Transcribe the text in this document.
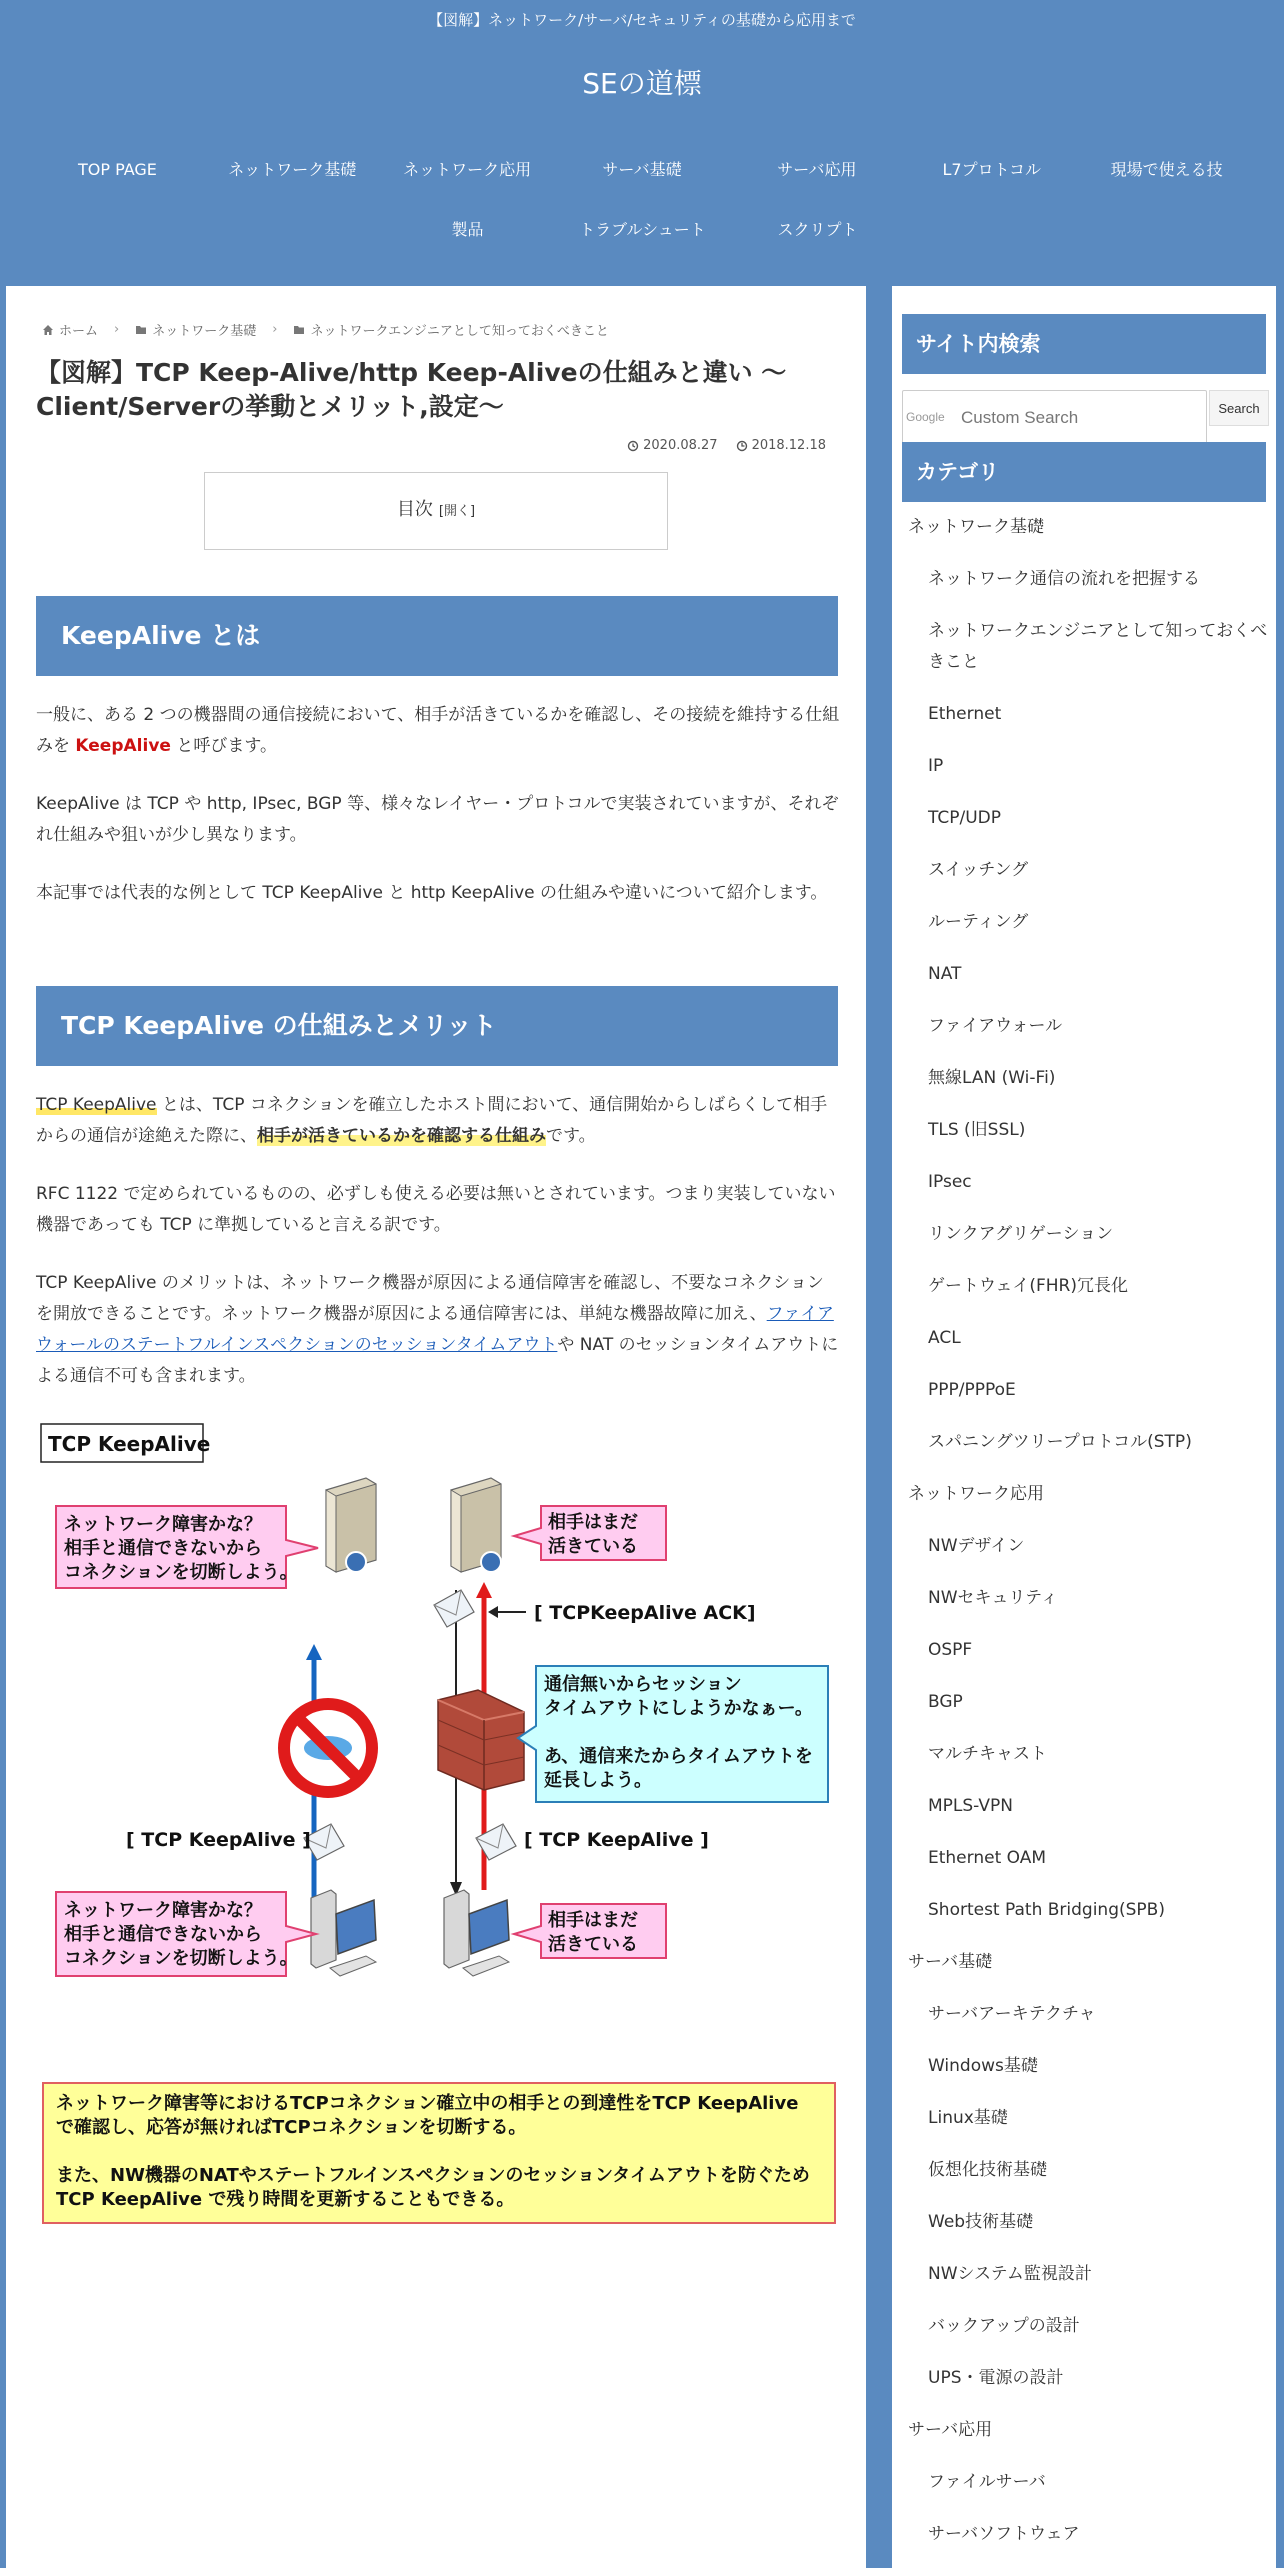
【図解】ネットワーク/サーバ/セキュリティの基礎から応用まで
SEの道標
TOP PAGE	ネットワーク基礎	ネットワーク応用	サーバ基礎	サーバ応用	L7プロトコル	現場で使える技
製品	トラブルシュート	スクリプト
ホーム ›	ネットワーク基礎 ›	ネットワークエンジニアとして知っておくべきこと
【図解】TCP Keep-Alive/http Keep-Aliveの仕組みと違い ～Client/Serverの挙動とメリット,設定～
2020.08.27	2018.12.18
目次 [開く]
KeepAlive とは

一般に、ある 2 つの機器間の通信接続において、相手が活きているかを確認し、その接続を維持する仕組みを KeepAlive と呼びます。

KeepAlive は TCP や http, IPsec, BGP 等、様々なレイヤー・プロトコルで実装されていますが、それぞれ仕組みや狙いが少し異なります。

本記事では代表的な例として TCP KeepAlive と http KeepAlive の仕組みや違いについて紹介します。

TCP KeepAlive の仕組みとメリット

TCP KeepAlive とは、TCP コネクションを確立したホスト間において、通信開始からしばらくして相手からの通信が途絶えた際に、相手が活きているかを確認する仕組みです。

RFC 1122 で定められているものの、必ずしも使える必要は無いとされています。つまり実装していない機器であっても TCP に準拠していると言える訳です。

TCP KeepAlive のメリットは、ネットワーク機器が原因による通信障害を確認し、不要なコネクションを開放できることです。ネットワーク機器が原因による通信障害には、単純な機器故障に加え、ファイアウォールのステートフルインスペクションのセッションタイムアウトや NAT のセッションタイムアウトによる通信不可も含まれます。

TCP KeepAlive
ネットワーク障害かな？
相手と通信できないから
コネクションを切断しよう。
相手はまだ
活きている
[ TCPKeepAlive ACK]
通信無いからセッション
タイムアウトにしようかなぁー。
あ、通信来たからタイムアウトを
延長しよう。
[ TCP KeepAlive ]	[ TCP KeepAlive ]
ネットワーク障害かな？
相手と通信できないから
コネクションを切断しよう。
相手はまだ
活きている
ネットワーク障害等におけるTCPコネクション確立中の相手との到達性をTCP KeepAlive
で確認し、応答が無ければTCPコネクションを切断する。
また、NW機器のNATやステートフルインスペクションのセッションタイムアウトを防ぐため
TCP KeepAlive で残り時間を更新することもできる。
サイト内検索
Custom Search
Google
Search
カテゴリ
ネットワーク基礎
ネットワーク通信の流れを把握する
ネットワークエンジニアとして知っておくべきこと
Ethernet
IP
TCP/UDP
スイッチング
ルーティング
NAT
ファイアウォール
無線LAN (Wi-Fi)
TLS (旧SSL)
IPsec
リンクアグリゲーション
ゲートウェイ(FHR)冗長化
ACL
PPP/PPPoE
スパニングツリープロトコル(STP)
ネットワーク応用
NWデザイン
NWセキュリティ
OSPF
BGP
マルチキャスト
MPLS-VPN
Ethernet OAM
Shortest Path Bridging(SPB)
サーバ基礎
サーバアーキテクチャ
Windows基礎
Linux基礎
仮想化技術基礎
Web技術基礎
NWシステム監視設計
バックアップの設計
UPS・電源の設計
サーバ応用
ファイルサーバ
サーバソフトウェア
